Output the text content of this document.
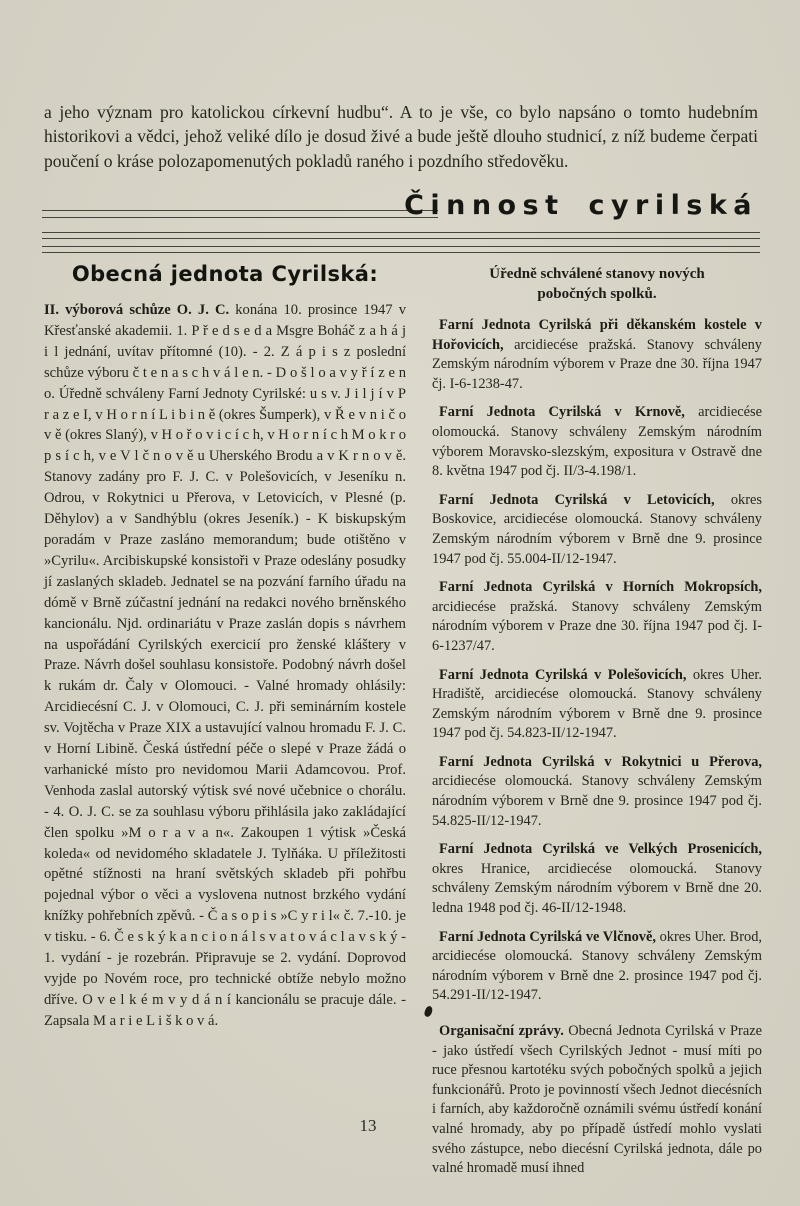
a jeho význam pro katolickou církevní hudbu“. A to je vše, co bylo napsáno o tomto hudebním historikovi a vědci, jehož veliké dílo je dosud živé a bude ještě dlouho studnicí, z níž budeme čerpati poučení o kráse polozapomenutých pokladů raného i pozdního středověku.

Činnost cyrilská
Obecná jednota Cyrilská:

II. výborová schůze O. J. C. konána 10. prosince 1947 v Křesťanské akademii. 1. P ř e d s e d a Msgre Boháč z a h á j i l jednání, uvítav přítomné (10). - 2. Z á p i s z poslední schůze výboru č t e n a s c h v á l e n. - D o š l o a v y ř í z e n o. Úředně schváleny Farní Jednoty Cyrilské: u s v. J i l j í v P r a z e I, v H o r n í L i b i n ě (okres Šumperk), v Ř e v n i č o v ě (okres Slaný), v H o ř o v i c í c h, v H o r n í c h M o k r o p s í c h, v e V l č n o v ě u Uherského Brodu a v K r n o v ě. Stanovy zadány pro F. J. C. v Polešovicích, v Jeseníku n. Odrou, v Rokytnici u Přerova, v Letovicích, v Plesné (p. Děhylov) a v Sandhýblu (okres Jeseník.) - K biskupským poradám v Praze zasláno memorandum; bude otištěno v »Cyrilu«. Arcibiskupské konsistoři v Praze odeslány posudky jí zaslaných skladeb. Jednatel se na pozvání farního úřadu na dómě v Brně zúčastní jednání na redakci nového brněnského kancionálu. Njd. ordinariátu v Praze zaslán dopis s návrhem na uspořádání Cyrilských exercicií pro ženské kláštery v Praze. Návrh došel souhlasu konsistoře. Podobný návrh došel k rukám dr. Čaly v Olomouci. - Valné hromady ohlásily: Arcidiecésní C. J. v Olomouci, C. J. při seminárním kostele sv. Vojtěcha v Praze XIX a ustavující valnou hromadu F. J. C. v Horní Libině. Česká ústřední péče o slepé v Praze žádá o varhanické místo pro nevidomou Marii Adamcovou. Prof. Venhoda zaslal autorský výtisk své nové učebnice o chorálu. - 4. O. J. C. se za souhlasu výboru přihlásila jako zakládající člen spolku »M o r a v a n«. Zakoupen 1 výtisk »Česká koleda« od nevidomého skladatele J. Tylňáka. U příležitosti opětné stížnosti na hraní světských skladeb při pohřbu pojednal výbor o věci a vyslovena nutnost brzkého vydání knížky pohřebních zpěvů. - Č a s o p i s »C y r i l« č. 7.-10. je v tisku. - 6. Č e s k ý k a n c i o n á l s v a t o v á c l a v s k ý - 1. vydání - je rozebrán. Připravuje se 2. vydání. Doprovod vyjde po Novém roce, pro technické obtíže nebylo možno dříve. O v e l k é m v y d á n í kancionálu se pracuje dále. - Zapsala M a r i e L i š k o v á.

Úředně schválené stanovy nových
pobočných spolků.

Farní Jednota Cyrilská při děkanském kostele v Hořovicích, arcidiecése pražská. Stanovy schváleny Zemským národním výborem v Praze dne 30. října 1947 čj. I-6-1238-47.

Farní Jednota Cyrilská v Krnově, arcidiecése olomoucká. Stanovy schváleny Zemským národním výborem Moravsko-slezským, expositura v Ostravě dne 8. května 1947 pod čj. II/3-4.198/1.

Farní Jednota Cyrilská v Letovicích, okres Boskovice, arcidiecése olomoucká. Stanovy schváleny Zemským národním výborem v Brně dne 9. prosince 1947 pod čj. 55.004-II/12-1947.

Farní Jednota Cyrilská v Horních Mokropsích, arcidiecése pražská. Stanovy schváleny Zemským národním výborem v Praze dne 30. října 1947 pod čj. I-6-1237/47.

Farní Jednota Cyrilská v Polešovicích, okres Uher. Hradiště, arcidiecése olomoucká. Stanovy schváleny Zemským národním výborem v Brně dne 9. prosince 1947 pod čj. 54.823-II/12-1947.

Farní Jednota Cyrilská v Rokytnici u Přerova, arcidiecése olomoucká. Stanovy schváleny Zemským národním výborem v Brně dne 9. prosince 1947 pod čj. 54.825-II/12-1947.

Farní Jednota Cyrilská ve Velkých Prosenicích, okres Hranice, arcidiecése olomoucká. Stanovy schváleny Zemským národním výborem v Brně dne 20. ledna 1948 pod čj. 46-II/12-1948.

Farní Jednota Cyrilská ve Vlčnově, okres Uher. Brod, arcidiecése olomoucká. Stanovy schváleny Zemským národním výborem v Brně dne 2. prosince 1947 pod čj. 54.291-II/12-1947.

Organisační zprávy. Obecná Jednota Cyrilská v Praze - jako ústředí všech Cyrilských Jednot - musí míti po ruce přesnou kartotéku svých pobočných spolků a jejich funkcionářů. Proto je povinností všech Jednot diecésních i farních, aby každoročně oznámili svému ústředí konání valné hromady, aby po případě ústředí mohlo vyslati svého zástupce, nebo diecésní Cyrilská jednota, dále po valné hromadě musí ihned

13
